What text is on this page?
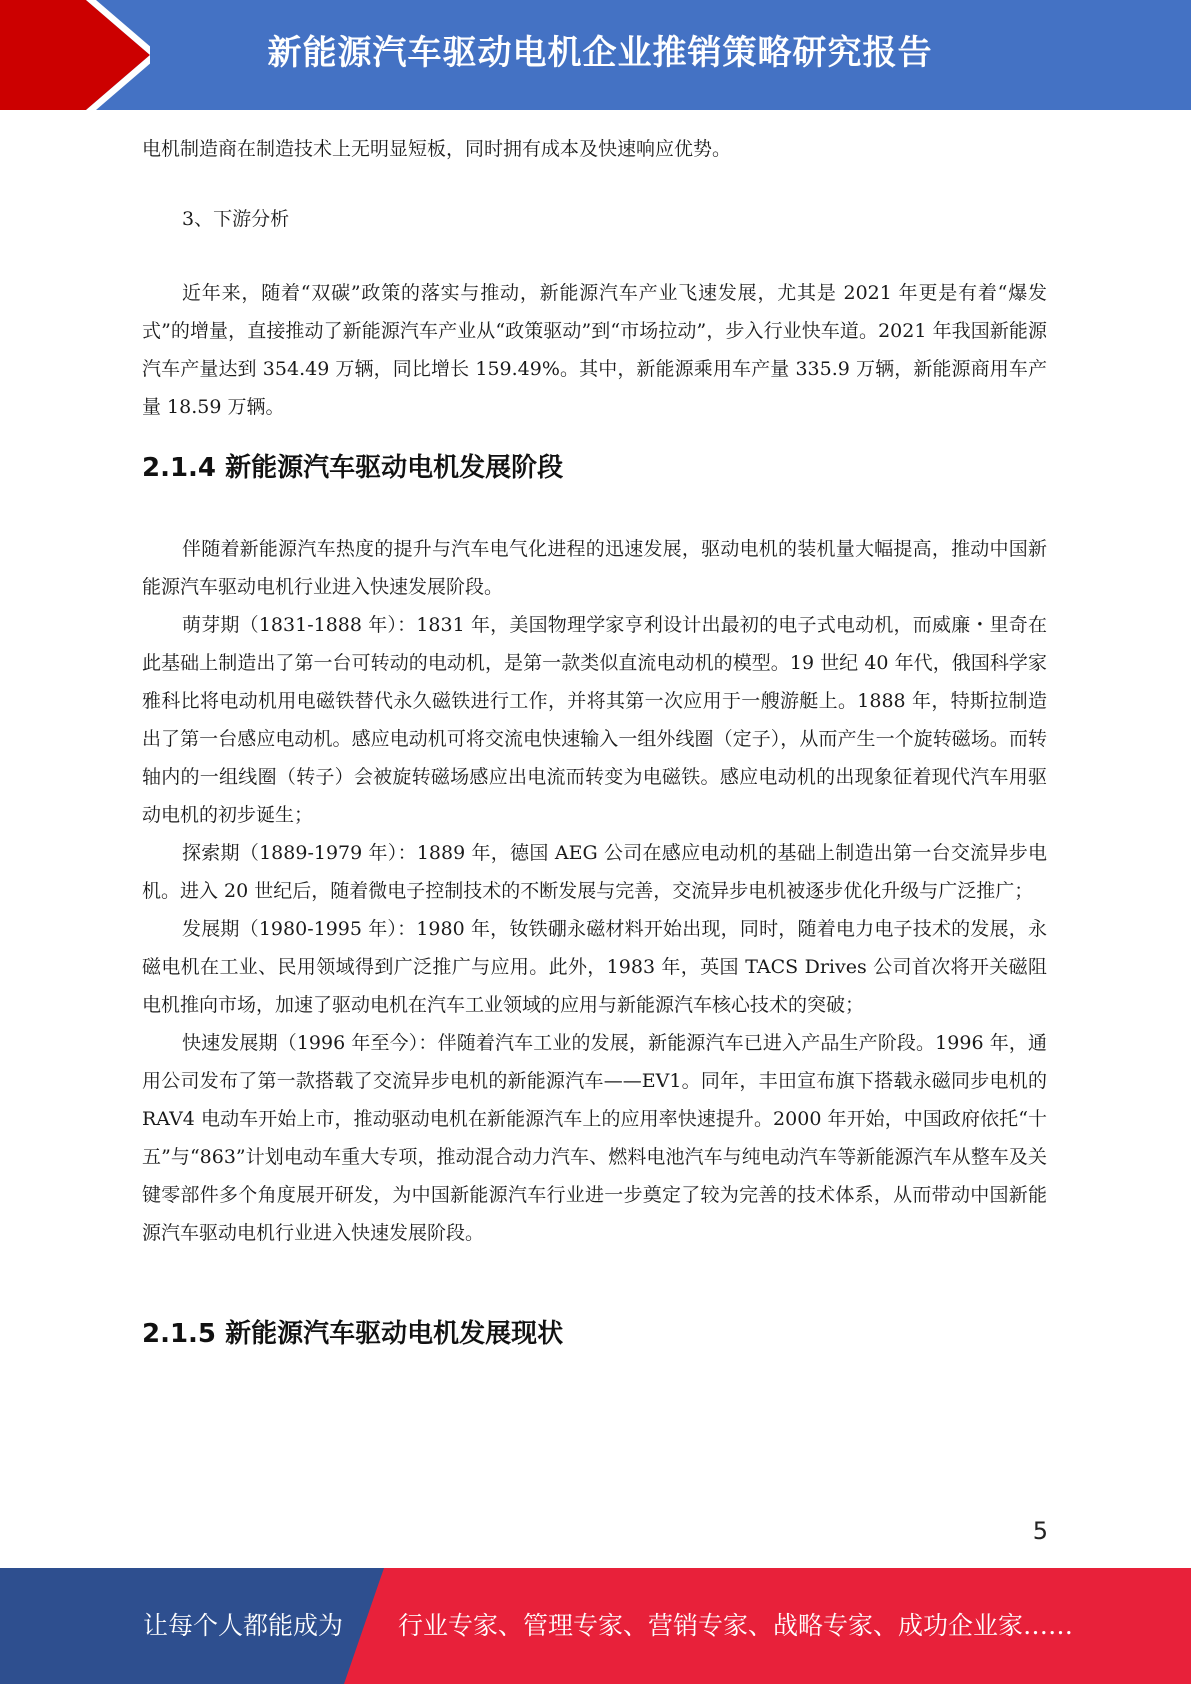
新能源汽车驱动电机企业推销策略研究报告

电机制造商在制造技术上无明显短板，同时拥有成本及快速响应优势。

3、下游分析

近年来，随着“双碳”政策的落实与推动，新能源汽车产业飞速发展，尤其是 2021 年更是有着“爆发式”的增量，直接推动了新能源汽车产业从“政策驱动”到“市场拉动”，步入行业快车道。2021 年我国新能源汽车产量达到 354.49 万辆，同比增长 159.49%。其中，新能源乘用车产量 335.9 万辆，新能源商用车产量 18.59 万辆。

2.1.4 新能源汽车驱动电机发展阶段

伴随着新能源汽车热度的提升与汽车电气化进程的迅速发展，驱动电机的装机量大幅提高，推动中国新能源汽车驱动电机行业进入快速发展阶段。

萌芽期（1831-1888 年）：1831 年，美国物理学家亨利设计出最初的电子式电动机，而威廉・里奇在此基础上制造出了第一台可转动的电动机，是第一款类似直流电动机的模型。19 世纪 40 年代，俄国科学家雅科比将电动机用电磁铁替代永久磁铁进行工作，并将其第一次应用于一艘游艇上。1888 年，特斯拉制造出了第一台感应电动机。感应电动机可将交流电快速输入一组外线圈（定子），从而产生一个旋转磁场。而转轴内的一组线圈（转子）会被旋转磁场感应出电流而转变为电磁铁。感应电动机的出现象征着现代汽车用驱动电机的初步诞生；

探索期（1889-1979 年）：1889 年，德国 AEG 公司在感应电动机的基础上制造出第一台交流异步电机。进入 20 世纪后，随着微电子控制技术的不断发展与完善，交流异步电机被逐步优化升级与广泛推广；

发展期（1980-1995 年）：1980 年，钕铁硼永磁材料开始出现，同时，随着电力电子技术的发展，永磁电机在工业、民用领域得到广泛推广与应用。此外，1983 年，英国 TACS Drives 公司首次将开关磁阻电机推向市场，加速了驱动电机在汽车工业领域的应用与新能源汽车核心技术的突破；

快速发展期（1996 年至今）：伴随着汽车工业的发展，新能源汽车已进入产品生产阶段。1996 年，通用公司发布了第一款搭载了交流异步电机的新能源汽车——EV1。同年，丰田宣布旗下搭载永磁同步电机的 RAV4 电动车开始上市，推动驱动电机在新能源汽车上的应用率快速提升。2000 年开始，中国政府依托“十五”与“863”计划电动车重大专项，推动混合动力汽车、燃料电池汽车与纯电动汽车等新能源汽车从整车及关键零部件多个角度展开研发，为中国新能源汽车行业进一步奠定了较为完善的技术体系，从而带动中国新能源汽车驱动电机行业进入快速发展阶段。

2.1.5 新能源汽车驱动电机发展现状
5
让每个人都能成为 行业专家、管理专家、营销专家、战略专家、成功企业家……
